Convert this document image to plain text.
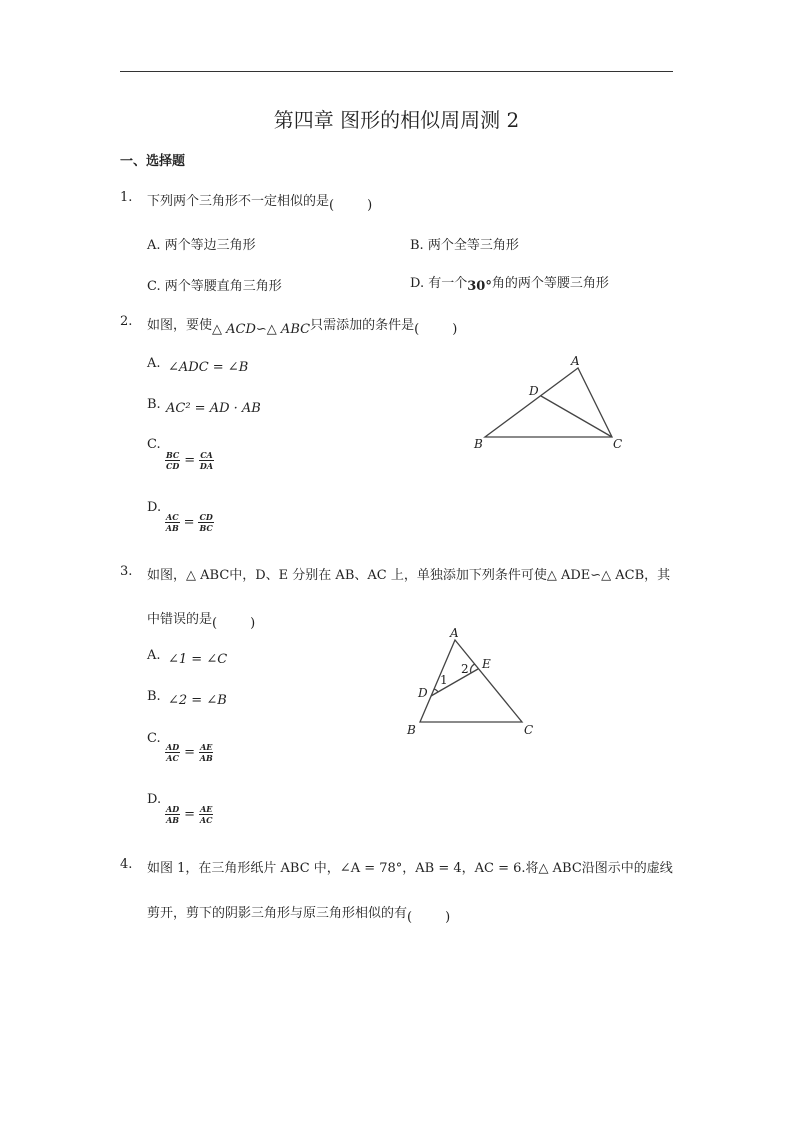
第四章 图形的相似周周测 2
一、选择题
1. 下列两个三角形不一定相似的是(        )
A. 两个等边三角形	B. 两个全等三角形
C. 两个等腰直角三角形	D. 有一个30°角的两个等腰三角形
2. 如图，要使△ ACD∽△ ABC只需添加的条件是(        )
A. ∠ADC = ∠B
B. AC² = AD · AB
C.
$\frac{BC}{CD} = \frac{CA}{DA}$
D.
$\frac{AC}{AB} = \frac{CD}{BC}$
3. 如图，△ ABC中，D、E 分别在 AB、AC 上，单独添加下列条件可使△ ADE∽△ ACB，其
中错误的是(        )
A. ∠1 = ∠C
B. ∠2 = ∠B
C.
$\frac{AD}{AC} = \frac{AE}{AB}$
D.
$\frac{AD}{AB} = \frac{AE}{AC}$
4. 如图 1，在三角形纸片 ABC 中，∠A = 78°，AB = 4，AC = 6.将△ ABC沿图示中的虚线
剪开，剪下的阴影三角形与原三角形相似的有(        )
A
D
B	C
A
E
D
B	C
1
2
